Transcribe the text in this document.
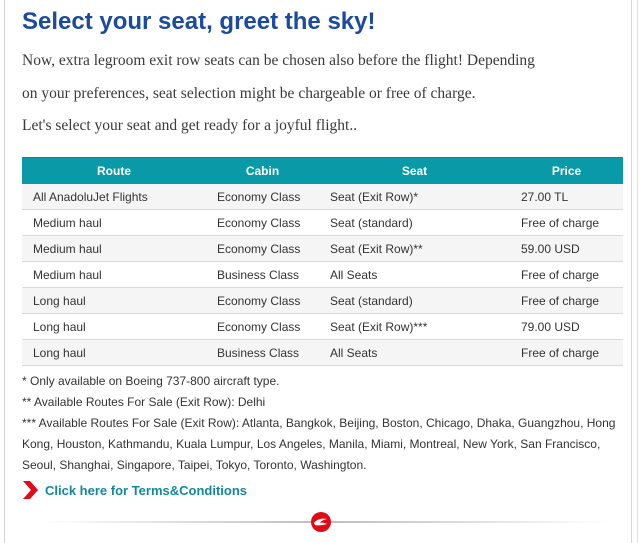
Select your seat, greet the sky!
Now, extra legroom exit row seats can be chosen also before the flight! Depending
on your preferences, seat selection might be chargeable or free of charge.
Let's select your seat and get ready for a joyful flight..
Route	Cabin	Seat	Price
All AnadoluJet Flights	Economy Class	Seat (Exit Row)*	27.00 TL
Medium haul	Economy Class	Seat (standard)	Free of charge
Medium haul	Economy Class	Seat (Exit Row)**	59.00 USD
Medium haul	Business Class	All Seats	Free of charge
Long haul	Economy Class	Seat (standard)	Free of charge
Long haul	Economy Class	Seat (Exit Row)***	79.00 USD
Long haul	Business Class	All Seats	Free of charge
* Only available on Boeing 737-800 aircraft type.
** Available Routes For Sale (Exit Row): Delhi
*** Available Routes For Sale (Exit Row): Atlanta, Bangkok, Beijing, Boston, Chicago, Dhaka, Guangzhou, Hong Kong, Houston, Kathmandu, Kuala Lumpur, Los Angeles, Manila, Miami, Montreal, New York, San Francisco, Seoul, Shanghai, Singapore, Taipei, Tokyo, Toronto, Washington.
Click here for Terms&Conditions
